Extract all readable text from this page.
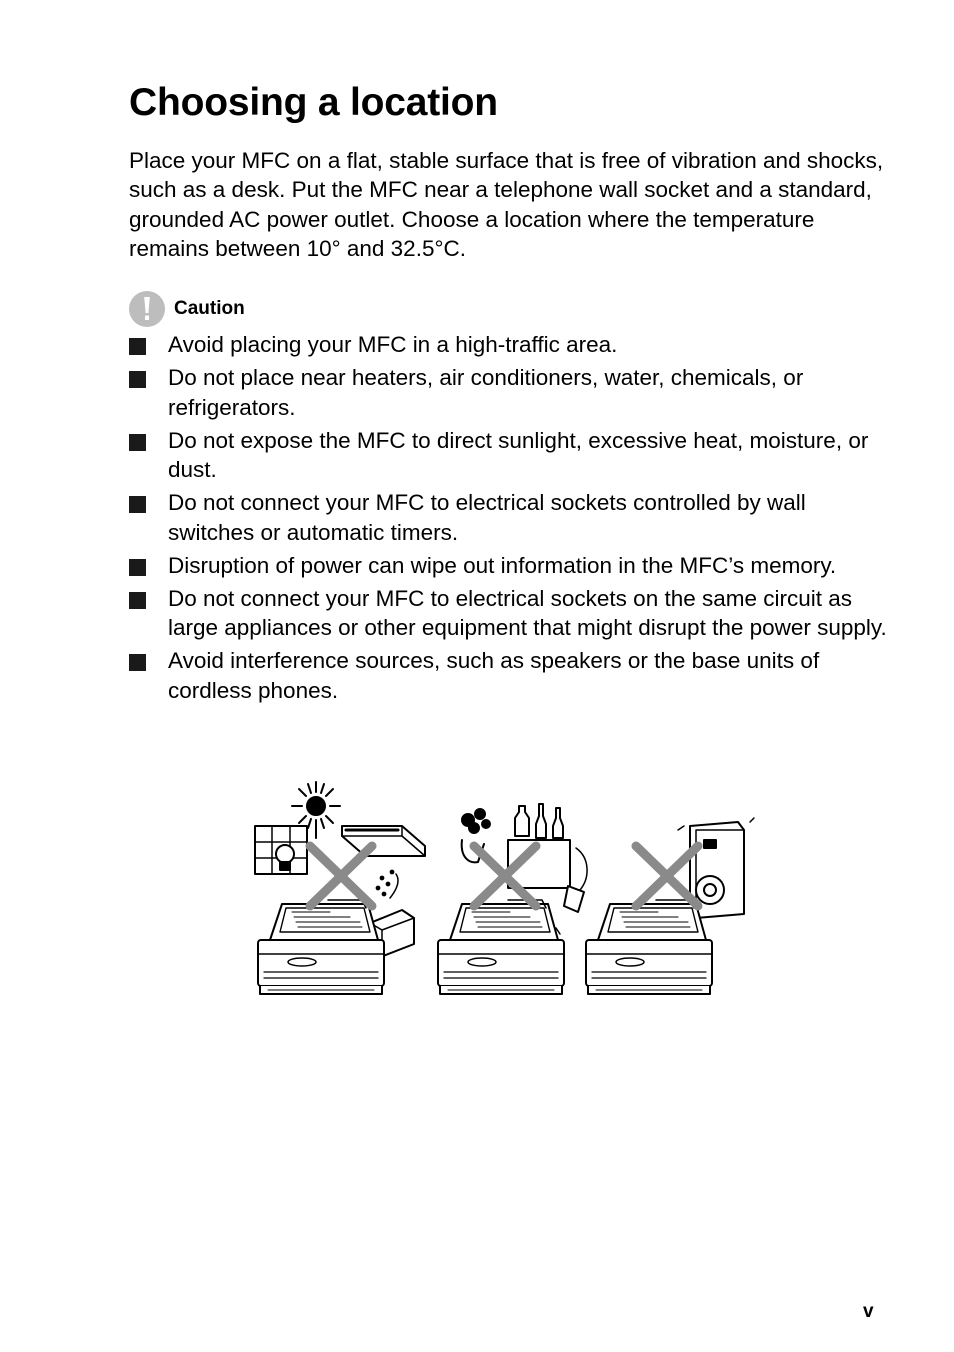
Choosing a location

Place your MFC on a flat, stable surface that is free of vibration and shocks, such as a desk. Put the MFC near a telephone wall socket and a standard, grounded AC power outlet. Choose a location where the temperature remains between 10° and 32.5°C.

Caution
Avoid placing your MFC in a high-traffic area.
Do not place near heaters, air conditioners, water, chemicals, or refrigerators.
Do not expose the MFC to direct sunlight, excessive heat, moisture, or dust.
Do not connect your MFC to electrical sockets controlled by wall switches or automatic timers.
Disruption of power can wipe out information in the MFC’s memory.
Do not connect your MFC to electrical sockets on the same circuit as large appliances or other equipment that might disrupt the power supply.
Avoid interference sources, such as speakers or the base units of cordless phones.
v
